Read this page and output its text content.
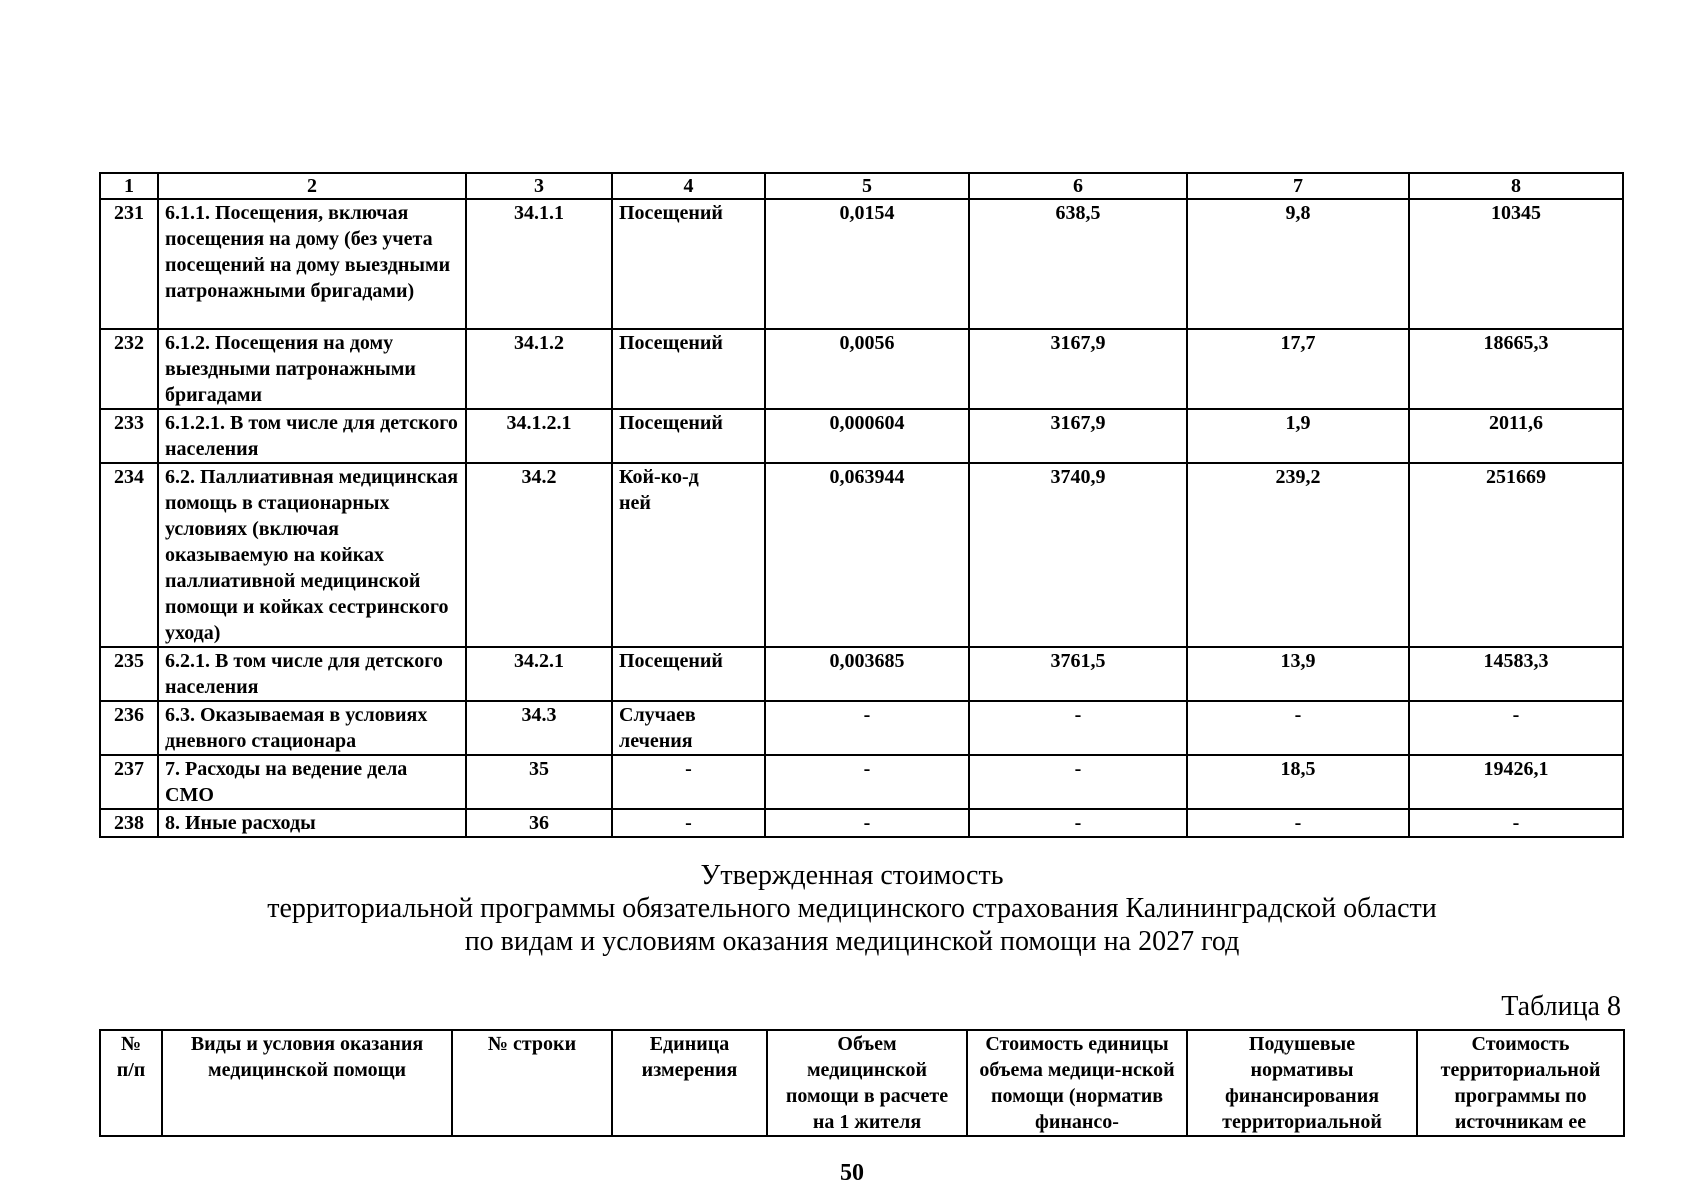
1	2	3	4	5	6	7	8
231	6.1.1. Посещения, включая посещения на дому (без учета посещений на дому выездными патронажными бригадами)	34.1.1	Посещений	0,0154	638,5	9,8	10345
232	6.1.2. Посещения на дому выездными патронажными бригадами	34.1.2	Посещений	0,0056	3167,9	17,7	18665,3
233	6.1.2.1. В том числе для детского населения	34.1.2.1	Посещений	0,000604	3167,9	1,9	2011,6
234	6.2. Паллиативная медицинская помощь в стационарных условиях (включая оказываемую на койках паллиативной медицинской помощи и койках сестринского ухода)	34.2	Кой-ко-дней	0,063944	3740,9	239,2	251669
235	6.2.1. В том числе для детского населения	34.2.1	Посещений	0,003685	3761,5	13,9	14583,3
236	6.3. Оказываемая в условиях дневного стационара	34.3	Случаев лечения	-	-	-	-
237	7. Расходы на ведение дела СМО	35	-	-	-	18,5	19426,1
238	8. Иные расходы	36	-	-	-	-	-
Утвержденная стоимость
территориальной программы обязательного медицинского страхования Калининградской области
по видам и условиям оказания медицинской помощи на 2027 год
Таблица 8
№ п/п	Виды и условия оказания медицинской помощи	№ строки	Единица измерения	Объем медицинской помощи в расчете на 1 жителя	Стоимость единицы объема медици-нской помощи (норматив финансо-	Подушевые нормативы финансирования территориальной	Стоимость территориальной программы по источникам ее
50
